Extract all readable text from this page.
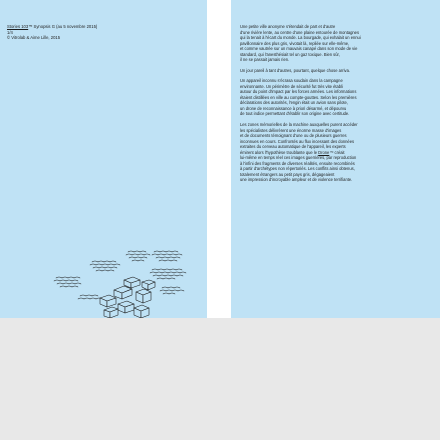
Stories 103™ Synopsis G (au 5 novembre 2015)
1/4
© Vitrolab & Aime Lille, 2015

Une petite ville anonyme s'étendait de part et d'autre
d'une rivière lente, au centre d'une plaine entourée de montagnes
qui la tenait à l'écart du monde. La bourgade, qui exhalait un ennui
pavillonnaire des plus gris, vivotait là, repliée sur elle-même,
et comme vautrée sur un mauvais canapé dans son mode de vie
standard, qui l'anesthésiait tel un gaz toxique. Bien sûr,
il ne se passait jamais rien.

Un jour pareil à tant d'autres, pourtant, quelque chose arriva.

Un appareil inconnu s'écrasa soudain dans la campagne
environnante. Un périmètre de sécurité fut très vite établi
autour du point d'impact par les forces armées. Les informations
étaient distillées en ville au compte-gouttes. Selon les premières
déclarations des autorités, l'engin était un avion sans pilote,
un drone de reconnaissance à priori désarmé, et dépourvu
de tout indice permettant d'établir son origine avec certitude.

Les zones mémorielles de la machine auxquelles purent accéder
les spécialistes délivrèrent une énorme masse d'images
et de documents témoignant d'une ou de plusieurs guerres
inconnues en cours. Confrontés au flux incessant des données
extraites du cerveau automatique de l'appareil, les experts
émirent alors l'hypothèse troublante que le Drone™ créait
lui-même en temps réel ces images guerrières, par reproduction
à l'infini des fragments de diverses réalités, ensuite recombinés
à partir d'archétypes non répertoriés. Les conflits ainsi obtenus,
totalement étrangers au petit pays gris, dégageaient
une impression d'incroyable ampleur et de violence terrifiante.
